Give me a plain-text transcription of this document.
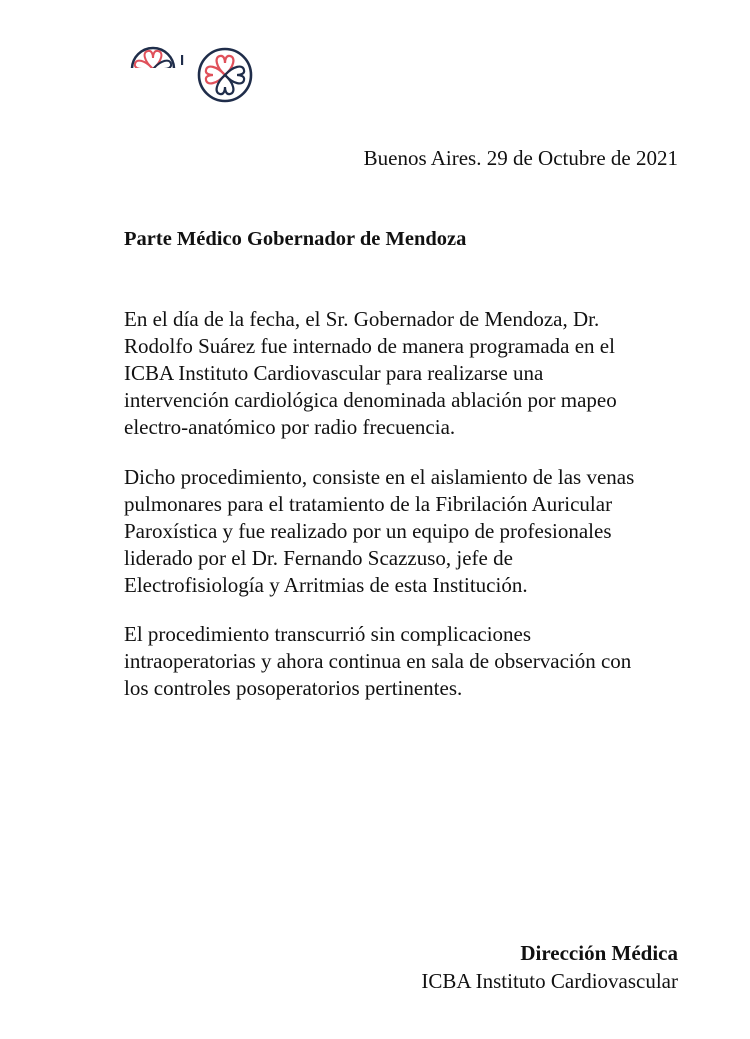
I
Buenos Aires. 29 de Octubre de 2021
Parte Médico Gobernador de Mendoza
En el día de la fecha, el Sr. Gobernador de Mendoza, Dr.
Rodolfo Suárez fue internado de manera programada en el
ICBA Instituto Cardiovascular para realizarse una
intervención cardiológica denominada ablación por mapeo
electro-anatómico por radio frecuencia.
Dicho procedimiento, consiste en el aislamiento de las venas
pulmonares para el tratamiento de la Fibrilación Auricular
Paroxística y fue realizado por un equipo de profesionales
liderado por el Dr. Fernando Scazzuso, jefe de
Electrofisiología y Arritmias de esta Institución.
El procedimiento transcurrió sin complicaciones
intraoperatorias y ahora continua en sala de observación con
los controles posoperatorios pertinentes.
Dirección Médica
ICBA Instituto Cardiovascular
